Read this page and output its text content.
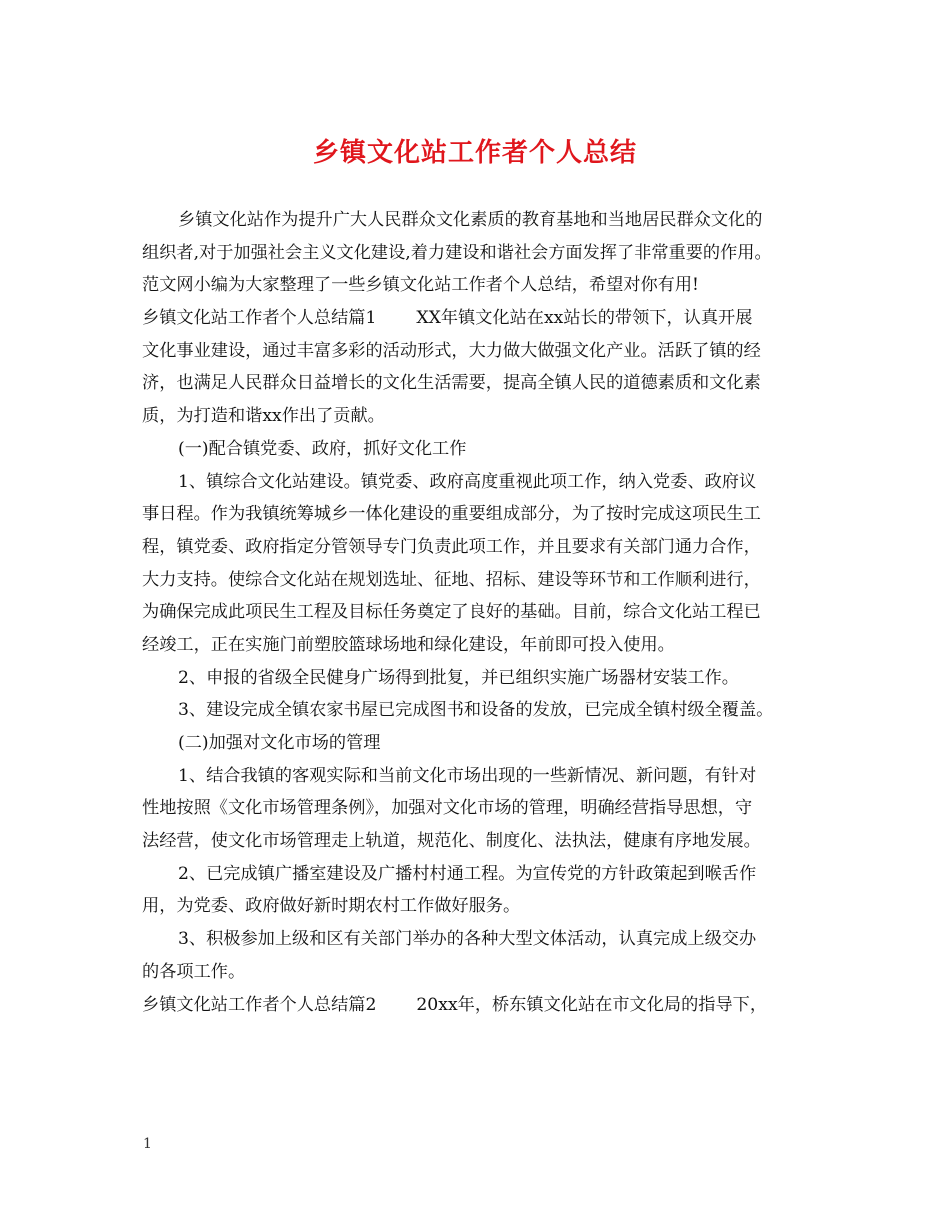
乡镇文化站工作者个人总结
乡镇文化站作为提升广大人民群众文化素质的教育基地和当地居民群众文化的
组织者,对于加强社会主义文化建设,着力建设和谐社会方面发挥了非常重要的作用。
范文网小编为大家整理了一些乡镇文化站工作者个人总结，希望对你有用!
乡镇文化站工作者个人总结篇1 XX年镇文化站在xx站长的带领下，认真开展
文化事业建设，通过丰富多彩的活动形式，大力做大做强文化产业。活跃了镇的经
济，也满足人民群众日益增长的文化生活需要，提高全镇人民的道德素质和文化素
质，为打造和谐xx作出了贡献。
(一)配合镇党委、政府，抓好文化工作
1、镇综合文化站建设。镇党委、政府高度重视此项工作，纳入党委、政府议
事日程。作为我镇统筹城乡一体化建设的重要组成部分，为了按时完成这项民生工
程，镇党委、政府指定分管领导专门负责此项工作，并且要求有关部门通力合作，
大力支持。使综合文化站在规划选址、征地、招标、建设等环节和工作顺利进行，
为确保完成此项民生工程及目标任务奠定了良好的基础。目前，综合文化站工程已
经竣工，正在实施门前塑胶篮球场地和绿化建设，年前即可投入使用。
2、申报的省级全民健身广场得到批复，并已组织实施广场器材安装工作。
3、建设完成全镇农家书屋已完成图书和设备的发放，已完成全镇村级全覆盖。
(二)加强对文化市场的管理
1、结合我镇的客观实际和当前文化市场出现的一些新情况、新问题，有针对
性地按照《文化市场管理条例》，加强对文化市场的管理，明确经营指导思想，守
法经营，使文化市场管理走上轨道，规范化、制度化、法执法，健康有序地发展。
2、已完成镇广播室建设及广播村村通工程。为宣传党的方针政策起到喉舌作
用，为党委、政府做好新时期农村工作做好服务。
3、积极参加上级和区有关部门举办的各种大型文体活动，认真完成上级交办
的各项工作。
乡镇文化站工作者个人总结篇2 20xx年，桥东镇文化站在市文化局的指导下，
1
